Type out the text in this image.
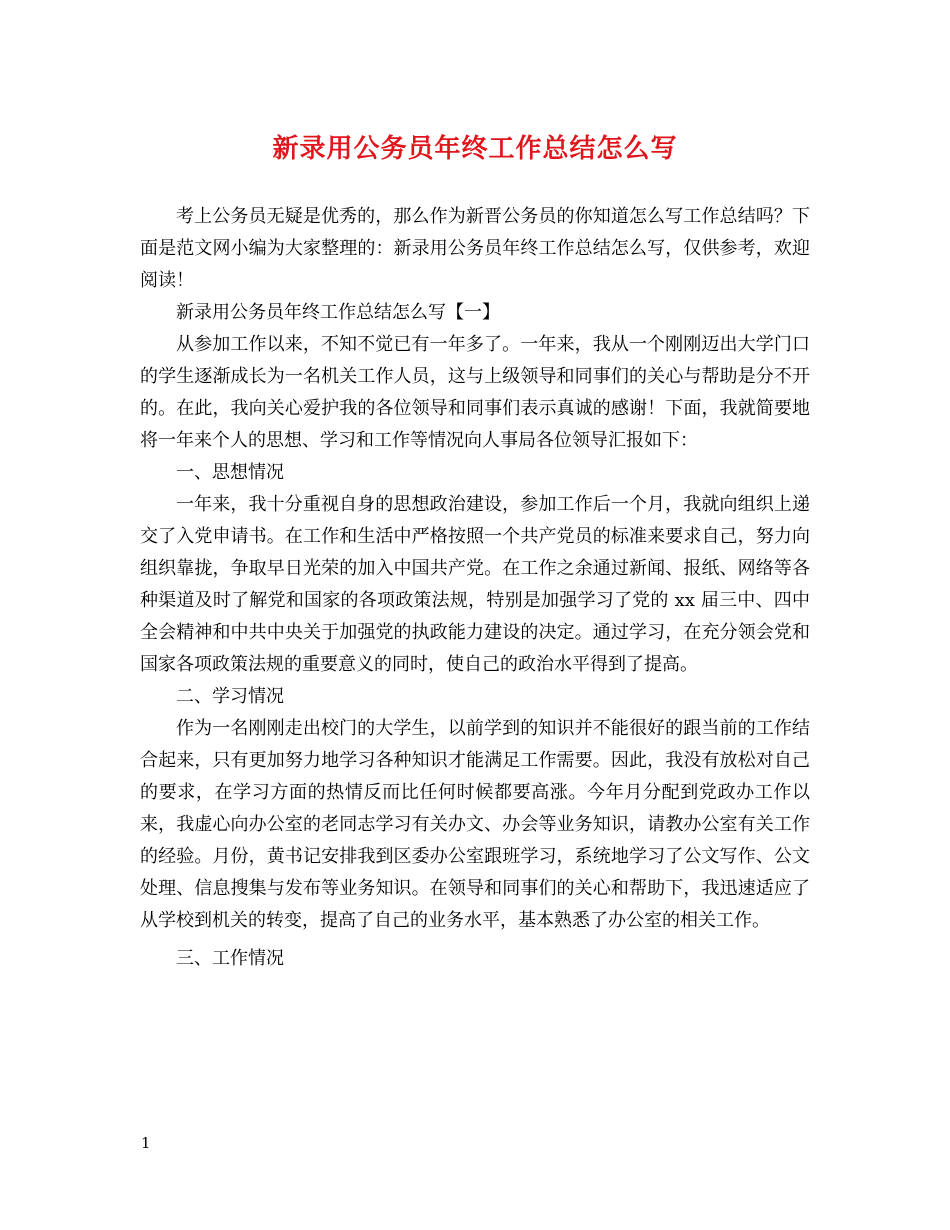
新录用公务员年终工作总结怎么写

考上公务员无疑是优秀的，那么作为新晋公务员的你知道怎么写工作总结吗？下面是范文网小编为大家整理的：新录用公务员年终工作总结怎么写，仅供参考，欢迎阅读！

新录用公务员年终工作总结怎么写【一】

从参加工作以来，不知不觉已有一年多了。一年来，我从一个刚刚迈出大学门口的学生逐渐成长为一名机关工作人员，这与上级领导和同事们的关心与帮助是分不开的。在此，我向关心爱护我的各位领导和同事们表示真诚的感谢！下面，我就简要地将一年来个人的思想、学习和工作等情况向人事局各位领导汇报如下：

一、思想情况

一年来，我十分重视自身的思想政治建设，参加工作后一个月，我就向组织上递交了入党申请书。在工作和生活中严格按照一个共产党员的标准来要求自己，努力向组织靠拢，争取早日光荣的加入中国共产党。在工作之余通过新闻、报纸、网络等各种渠道及时了解党和国家的各项政策法规，特别是加强学习了党的 xx 届三中、四中全会精神和中共中央关于加强党的执政能力建设的决定。通过学习，在充分领会党和国家各项政策法规的重要意义的同时，使自己的政治水平得到了提高。

二、学习情况

作为一名刚刚走出校门的大学生，以前学到的知识并不能很好的跟当前的工作结合起来，只有更加努力地学习各种知识才能满足工作需要。因此，我没有放松对自己的要求，在学习方面的热情反而比任何时候都要高涨。今年月分配到党政办工作以来，我虚心向办公室的老同志学习有关办文、办会等业务知识，请教办公室有关工作的经验。月份，黄书记安排我到区委办公室跟班学习，系统地学习了公文写作、公文处理、信息搜集与发布等业务知识。在领导和同事们的关心和帮助下，我迅速适应了从学校到机关的转变，提高了自己的业务水平，基本熟悉了办公室的相关工作。

三、工作情况

1
